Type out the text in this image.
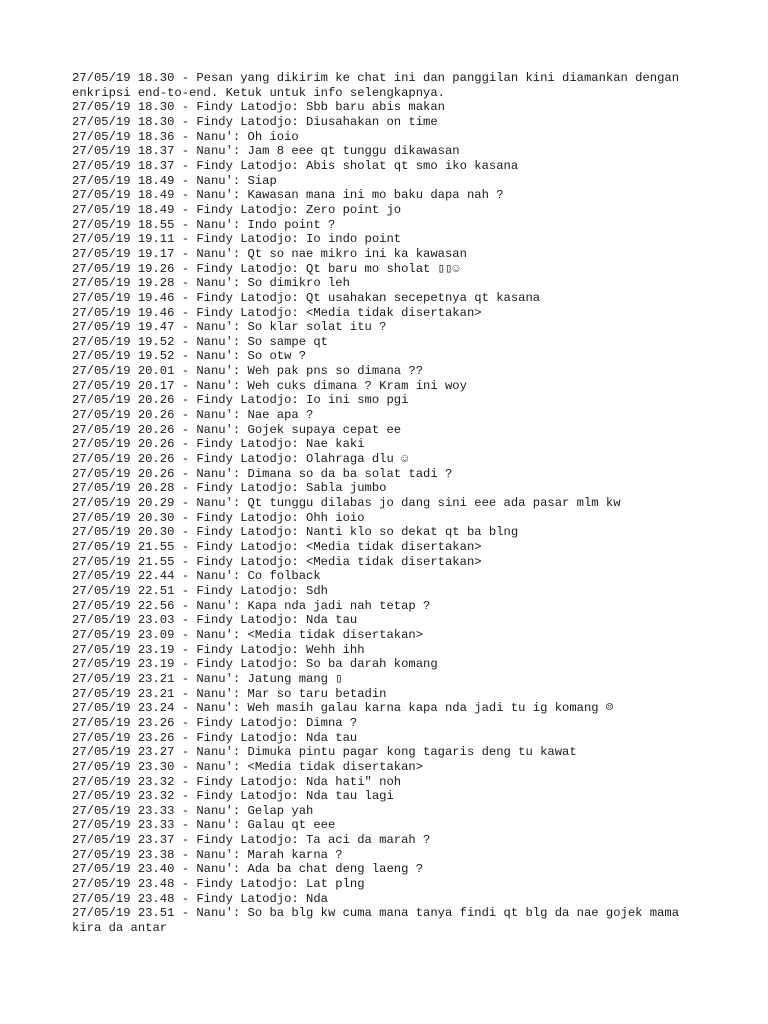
27/05/19 18.30 - Pesan yang dikirim ke chat ini dan panggilan kini diamankan dengan enkripsi end-to-end. Ketuk untuk info selengkapnya.
27/05/19 18.30 - Findy Latodjo: Sbb baru abis makan
27/05/19 18.30 - Findy Latodjo: Diusahakan on time
27/05/19 18.36 - Nanu': Oh ioio
27/05/19 18.37 - Nanu': Jam 8 eee qt tunggu dikawasan
27/05/19 18.37 - Findy Latodjo: Abis sholat qt smo iko kasana
27/05/19 18.49 - Nanu': Siap
27/05/19 18.49 - Nanu': Kawasan mana ini mo baku dapa nah ?
27/05/19 18.49 - Findy Latodjo: Zero point jo
27/05/19 18.55 - Nanu': Indo point ?
27/05/19 19.11 - Findy Latodjo: Io indo point
27/05/19 19.17 - Nanu': Qt so nae mikro ini ka kawasan
27/05/19 19.26 - Findy Latodjo: Qt baru mo sholat ▯▯☺
27/05/19 19.28 - Nanu': So dimikro leh
27/05/19 19.46 - Findy Latodjo: Qt usahakan secepetnya qt kasana
27/05/19 19.46 - Findy Latodjo: <Media tidak disertakan>
27/05/19 19.47 - Nanu': So klar solat itu ?
27/05/19 19.52 - Nanu': So sampe qt
27/05/19 19.52 - Nanu': So otw ?
27/05/19 20.01 - Nanu': Weh pak pns so dimana ??
27/05/19 20.17 - Nanu': Weh cuks dimana ? Kram ini woy
27/05/19 20.26 - Findy Latodjo: Io ini smo pgi
27/05/19 20.26 - Nanu': Nae apa ?
27/05/19 20.26 - Nanu': Gojek supaya cepat ee
27/05/19 20.26 - Findy Latodjo: Nae kaki
27/05/19 20.26 - Findy Latodjo: Olahraga dlu ☺
27/05/19 20.26 - Nanu': Dimana so da ba solat tadi ?
27/05/19 20.28 - Findy Latodjo: Sabla jumbo
27/05/19 20.29 - Nanu': Qt tunggu dilabas jo dang sini eee ada pasar mlm kw
27/05/19 20.30 - Findy Latodjo: Ohh ioio
27/05/19 20.30 - Findy Latodjo: Nanti klo so dekat qt ba blng
27/05/19 21.55 - Findy Latodjo: <Media tidak disertakan>
27/05/19 21.55 - Findy Latodjo: <Media tidak disertakan>
27/05/19 22.44 - Nanu': Co folback
27/05/19 22.51 - Findy Latodjo: Sdh
27/05/19 22.56 - Nanu': Kapa nda jadi nah tetap ?
27/05/19 23.03 - Findy Latodjo: Nda tau
27/05/19 23.09 - Nanu': <Media tidak disertakan>
27/05/19 23.19 - Findy Latodjo: Wehh ihh
27/05/19 23.19 - Findy Latodjo: So ba darah komang
27/05/19 23.21 - Nanu': Jatung mang ▯
27/05/19 23.21 - Nanu': Mar so taru betadin
27/05/19 23.24 - Nanu': Weh masih galau karna kapa nda jadi tu ig komang ☹
27/05/19 23.26 - Findy Latodjo: Dimna ?
27/05/19 23.26 - Findy Latodjo: Nda tau
27/05/19 23.27 - Nanu': Dimuka pintu pagar kong tagaris deng tu kawat
27/05/19 23.30 - Nanu': <Media tidak disertakan>
27/05/19 23.32 - Findy Latodjo: Nda hati" noh
27/05/19 23.32 - Findy Latodjo: Nda tau lagi
27/05/19 23.33 - Nanu': Gelap yah
27/05/19 23.33 - Nanu': Galau qt eee
27/05/19 23.37 - Findy Latodjo: Ta aci da marah ?
27/05/19 23.38 - Nanu': Marah karna ?
27/05/19 23.40 - Nanu': Ada ba chat deng laeng ?
27/05/19 23.48 - Findy Latodjo: Lat plng
27/05/19 23.48 - Findy Latodjo: Nda
27/05/19 23.51 - Nanu': So ba blg kw cuma mana tanya findi qt blg da nae gojek mama kira da antar
